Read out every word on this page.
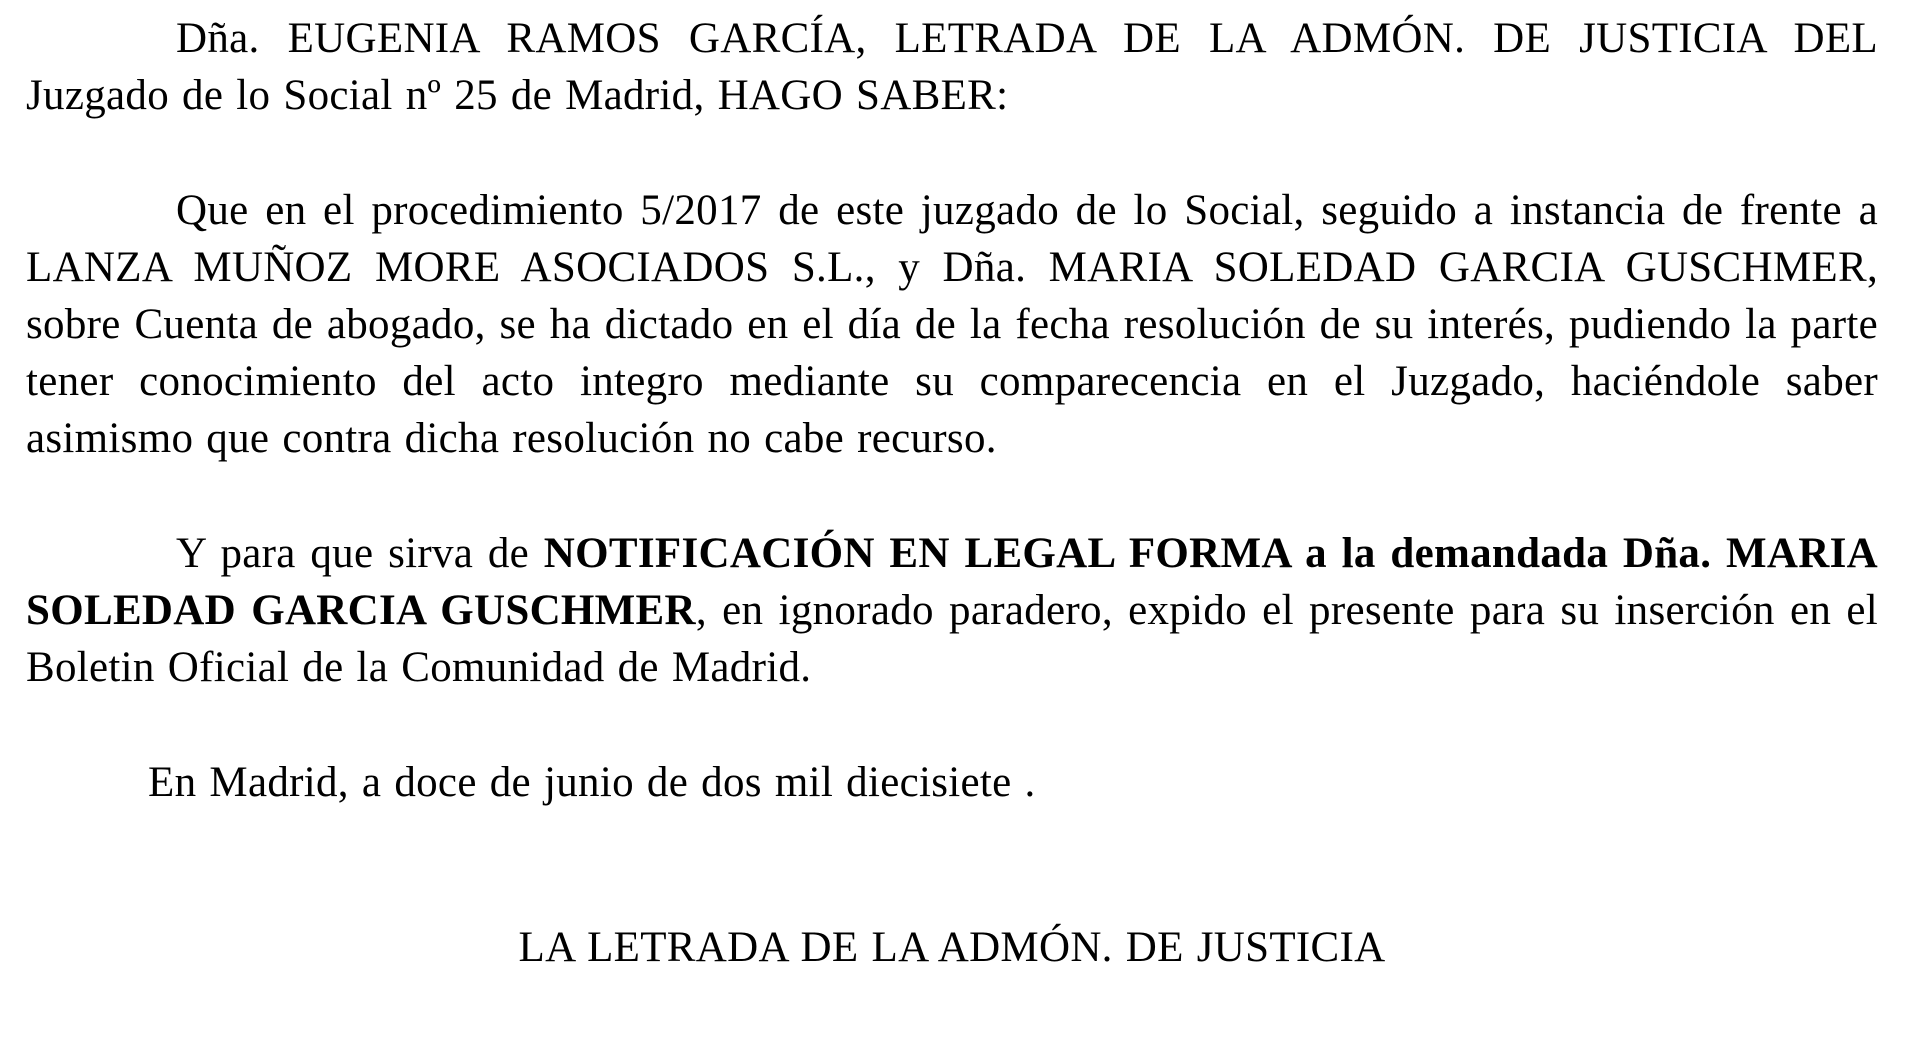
Dña. EUGENIA RAMOS GARCÍA, LETRADA DE LA ADMÓN. DE JUSTICIA DEL Juzgado de lo Social nº 25 de Madrid, HAGO SABER:

Que en el procedimiento 5/2017 de este juzgado de lo Social, seguido a instancia de frente a LANZA MUÑOZ MORE ASOCIADOS S.L., y Dña. MARIA SOLEDAD GARCIA GUSCHMER, sobre Cuenta de abogado, se ha dictado en el día de la fecha resolución de su interés, pudiendo la parte tener conocimiento del acto integro mediante su comparecencia en el Juzgado, haciéndole saber asimismo que contra dicha resolución no cabe recurso.

Y para que sirva de NOTIFICACIÓN EN LEGAL FORMA a la demandada Dña. MARIA SOLEDAD GARCIA GUSCHMER, en ignorado paradero, expido el presente para su inserción en el Boletin Oficial de la Comunidad de Madrid.

En Madrid, a doce de junio de dos mil diecisiete .

LA LETRADA DE LA ADMÓN. DE JUSTICIA
